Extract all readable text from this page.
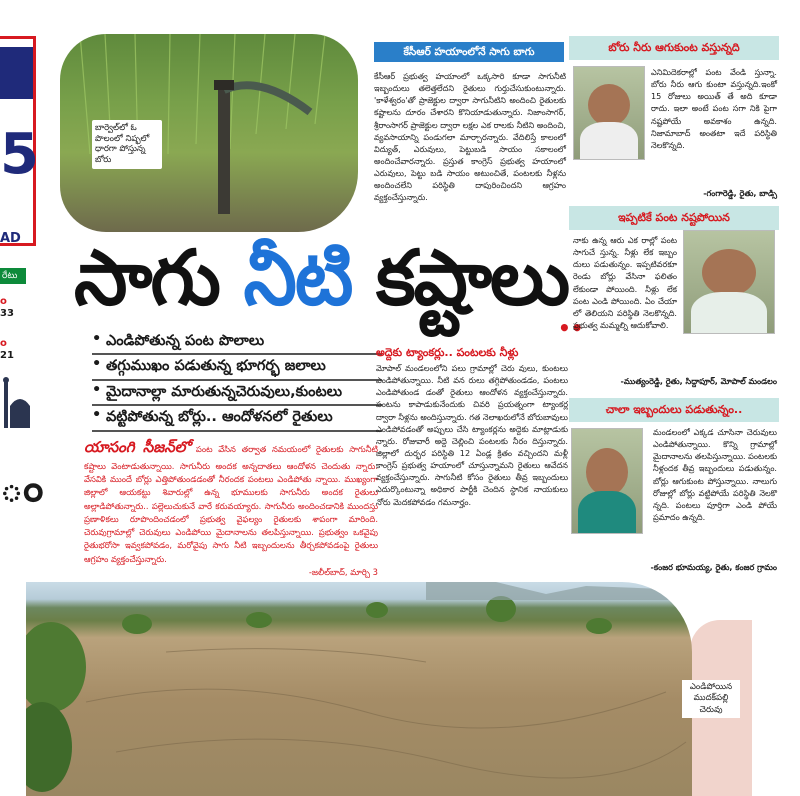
5
AD
రేటు
o
33
o
21
ం
బార్వెల్‌లో ఓ పొలంలో నిష్ఫలో ధారగా పోస్తున్న బోరు
సాగు నీటి కష్టాలు
••
• ఎండిపోతున్న పంట పొలాలు
• తగ్గుముఖం పడుతున్న భూగర్భ జలాలు
• మైదానాల్లా మారుతున్నచెరువులు,కుంటలు
• వట్టిపోతున్న బోర్లు.. ఆందోళనలో రైతులు
యాసంగి సీజన్‌లో పంట వేసిన తర్వాత నమయంలో రైతులకు సాగునీటి కష్టాలు వెంటాడుతున్నాయి. సాగునీరు అందక అన్నదాతలు ఆందోళన చెందుతు న్నారు. వేసవికి ముందే బోర్లు ఎత్తిపోతుండడంతో నీరందక పంటలు ఎండిపోతు న్నాయి. ముఖ్యంగా జిల్లాలో ఆయకట్టు శివారుల్లో ఉన్న భూములకు సాగునీరు అందక రైతులు అల్లాడిపోతున్నారు.. పల్లెలుచుకునే వారే కరువయ్యారు. సాగునీరు అందించడానికి ముందస్తు ప్రణాళికలు రూపొందించడంలో ప్రభుత్వ వైఫల్యం రైతులకు శాపంగా మారింది. చెరువుగ్రామాల్లో చెరువులు ఎండిపోయి మైదానాలను తలపిస్తున్నాయి. ప్రభుత్వం ఒకవైపు రైతుభరోసా ఇవ్వకపోవడం, మరోవైపు సాగు నీటి ఇబ్బందులను తీర్చకపోవడంపై రైతులు ఆగ్రహం వ్యక్తంచేస్తున్నారు.
-జలీల్‌బాద్, మార్చి 3
కేసీఆర్ హయాంలోనే సాగు బాగు
కేసీఆర్ ప్రభుత్వ హయాంలో ఒక్కసారి కూడా సాగునీటి ఇబ్బందులు తలెత్తలేదని రైతులు గుర్తుచేసుకుంటున్నారు. 'కాళేశ్వరం'తో ప్రాజెక్టుల ద్వారా సాగునీటిని అందించి రైతులకు కష్టాలను దూరం చేశారని కొనియాడుతున్నారు. నిజాంసాగర్, శ్రీరాంసాగర్ ప్రాజెక్టుల ద్వారా లక్షల ఎక రాలకు నీటిని అందించి, వ్యవసాయాన్ని పండుగలా మార్చారన్నారు. వేదిలిస్తే కాలంలో విద్యుత్, ఎరువులు, పెట్టుబడి సాయం సకాలంలో అందించేవారన్నారు. ప్రస్తుత కాంగ్రెస్ ప్రభుత్వ హయాంలో ఎరువులు, పెట్టు బడి సాయం అటుంచితే, పంటలకు నీళ్లను అందించలేని పరిస్థితి దాపురించిందని ఆగ్రహం వ్యక్తంచేస్తున్నారు.
అద్దెకు ట్యాంకర్లు.. పంటలకు నీళ్లు
మోపాల్ మండలంలోని పలు గ్రామాల్లో చెరు వులు, కుంటలు ఎండిపోతున్నాయి. నీటి వన రులు తగ్గిపోతుండడం, పంటలు ఎండిపోతుండ డంతో రైతులు ఆందోళన వ్యక్తంచేస్తున్నారు. పంటను కాపాడుకునేందుకు చివరి ప్రయత్నంగా ట్యాంకర్ల ద్వారా నీళ్లను అందిస్తున్నారు. గత నెలాఖరులోనే బోరుబావులు ఎండిపోవడంతో అప్పులు చేసి ట్యాంకర్లను అద్దెకు మాట్లాడుకు న్నారు. రోజువారీ అద్దె చెల్లించి పంటలకు నీరం దిస్తున్నారు. జిల్లాలో దుర్భర పరిస్థితి 12 ఏండ్ల క్రితం వచ్చిందని మళ్లీ కాంగ్రెస్ ప్రభుత్వ హయాంలో చూస్తున్నామని రైతులు ఆవేదన వ్యక్తంచేస్తున్నారు. సాగునీటి కోసం రైతులు తీవ్ర ఇబ్బందులు ఎదుర్కొంటున్నా అధికార పార్టీకి చెందిన స్థానిక నాయకులు నోరు మెదకపోవడం గమనార్హం.
బోరు నీరు ఆగుకుంట వస్తున్నది
ఎనిమిదెకరాల్లో పంట వేండి స్తున్నా. బోరు నీరు ఆగు కుంటా వస్తున్నది.ఇంకో 15 రోజులు అయిత్ తే అది కూడా రాదు. ఇలా అంటే పంట సగా నికి పైగా నష్టపోయే అవకాశం ఉన్నది. నిజామాబాద్ అంతటా ఇదే పరిస్థితి నెలకొన్నది.
-గంగారెడ్డి, రైతు, బాడ్సి
ఇప్పటికే పంట నష్టపోయిన
నాకు ఉన్న ఆరు ఎక రాల్లో పంట సాగుచే స్తున్న. నీళ్లు లేక ఇబ్బం దులు పడుతున్నం. ఇప్పటివరకూ రెండు బోర్లు వేసినా ఫలితం లేకుండా పోయింది. నీళ్లు లేక పంట ఎండి పోయింది. ఏం చేయా లో తెలియని పరిస్థితి నెలకొన్నది. ప్రభుత్వ మమ్మల్ని ఆదుకోవాలి.
-ముత్యంరెడ్డి, రైతు, సిద్దాపూర్, మోపాల్ మండలం
చాలా ఇబ్బందులు పడుతున్నం..
మండలంలో ఎక్కడ చూసినా చెరువులు ఎండిపోతున్నాయి. కొన్ని గ్రామాల్లో మైదానాలను తలపిస్తున్నాయి. పంటలకు నీళ్లందక తీవ్ర ఇబ్బందులు పడుతున్నం. బోర్లు ఆగుకుంట పోస్తున్నాయి. నాలుగు రోజుల్లో బోర్లు వట్టిపోయే పరిస్థితి నెలకొ న్నది. పంటలు పూర్తిగా ఎండి పోయే ప్రమాదం ఉన్నది.
-కంజర భూమయ్య, రైతు, కంజర గ్రామం
ఎండిపోయిన ముదక్‌పల్లి చెరువు
